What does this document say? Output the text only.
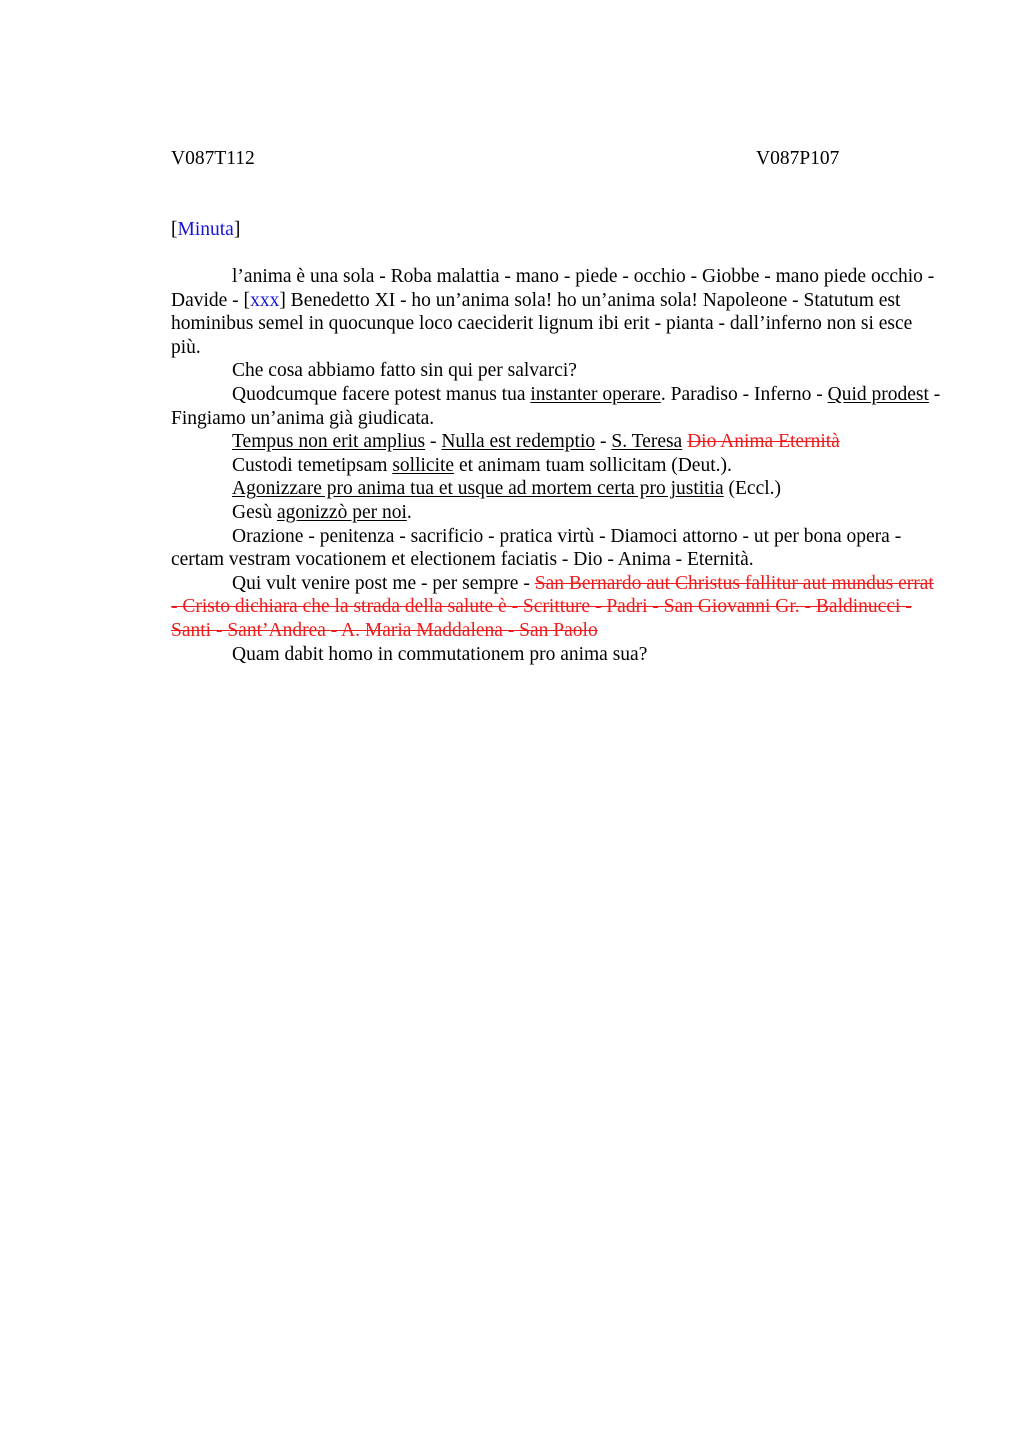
V087T112	V087P107
[Minuta]

l’anima è una sola - Roba malattia - mano - piede - occhio - Giobbe - mano piede occhio - Davide - [xxx] Benedetto XI - ho un’anima sola! ho un’anima sola! Napoleone - Statutum est hominibus semel in quocunque loco caeciderit lignum ibi erit - pianta - dall’inferno non si esce più.

Che cosa abbiamo fatto sin qui per salvarci?

Quodcumque facere potest manus tua instanter operare. Paradiso - Inferno - Quid prodest - Fingiamo un’anima già giudicata.

Tempus non erit amplius - Nulla est redemptio - S. Teresa Dio Anima Eternità

Custodi temetipsam sollicite et animam tuam sollicitam (Deut.).

Agonizzare pro anima tua et usque ad mortem certa pro justitia (Eccl.)

Gesù agonizzò per noi.

Orazione - penitenza - sacrificio - pratica virtù - Diamoci attorno - ut per bona opera - certam vestram vocationem et electionem faciatis - Dio - Anima - Eternità.

Qui vult venire post me - per sempre - San Bernardo aut Christus fallitur aut mundus errat - Cristo dichiara che la strada della salute è - Scritture - Padri - San Giovanni Gr. - Baldinucci - Santi - Sant’Andrea - A. Maria Maddalena - San Paolo

Quam dabit homo in commutationem pro anima sua?
